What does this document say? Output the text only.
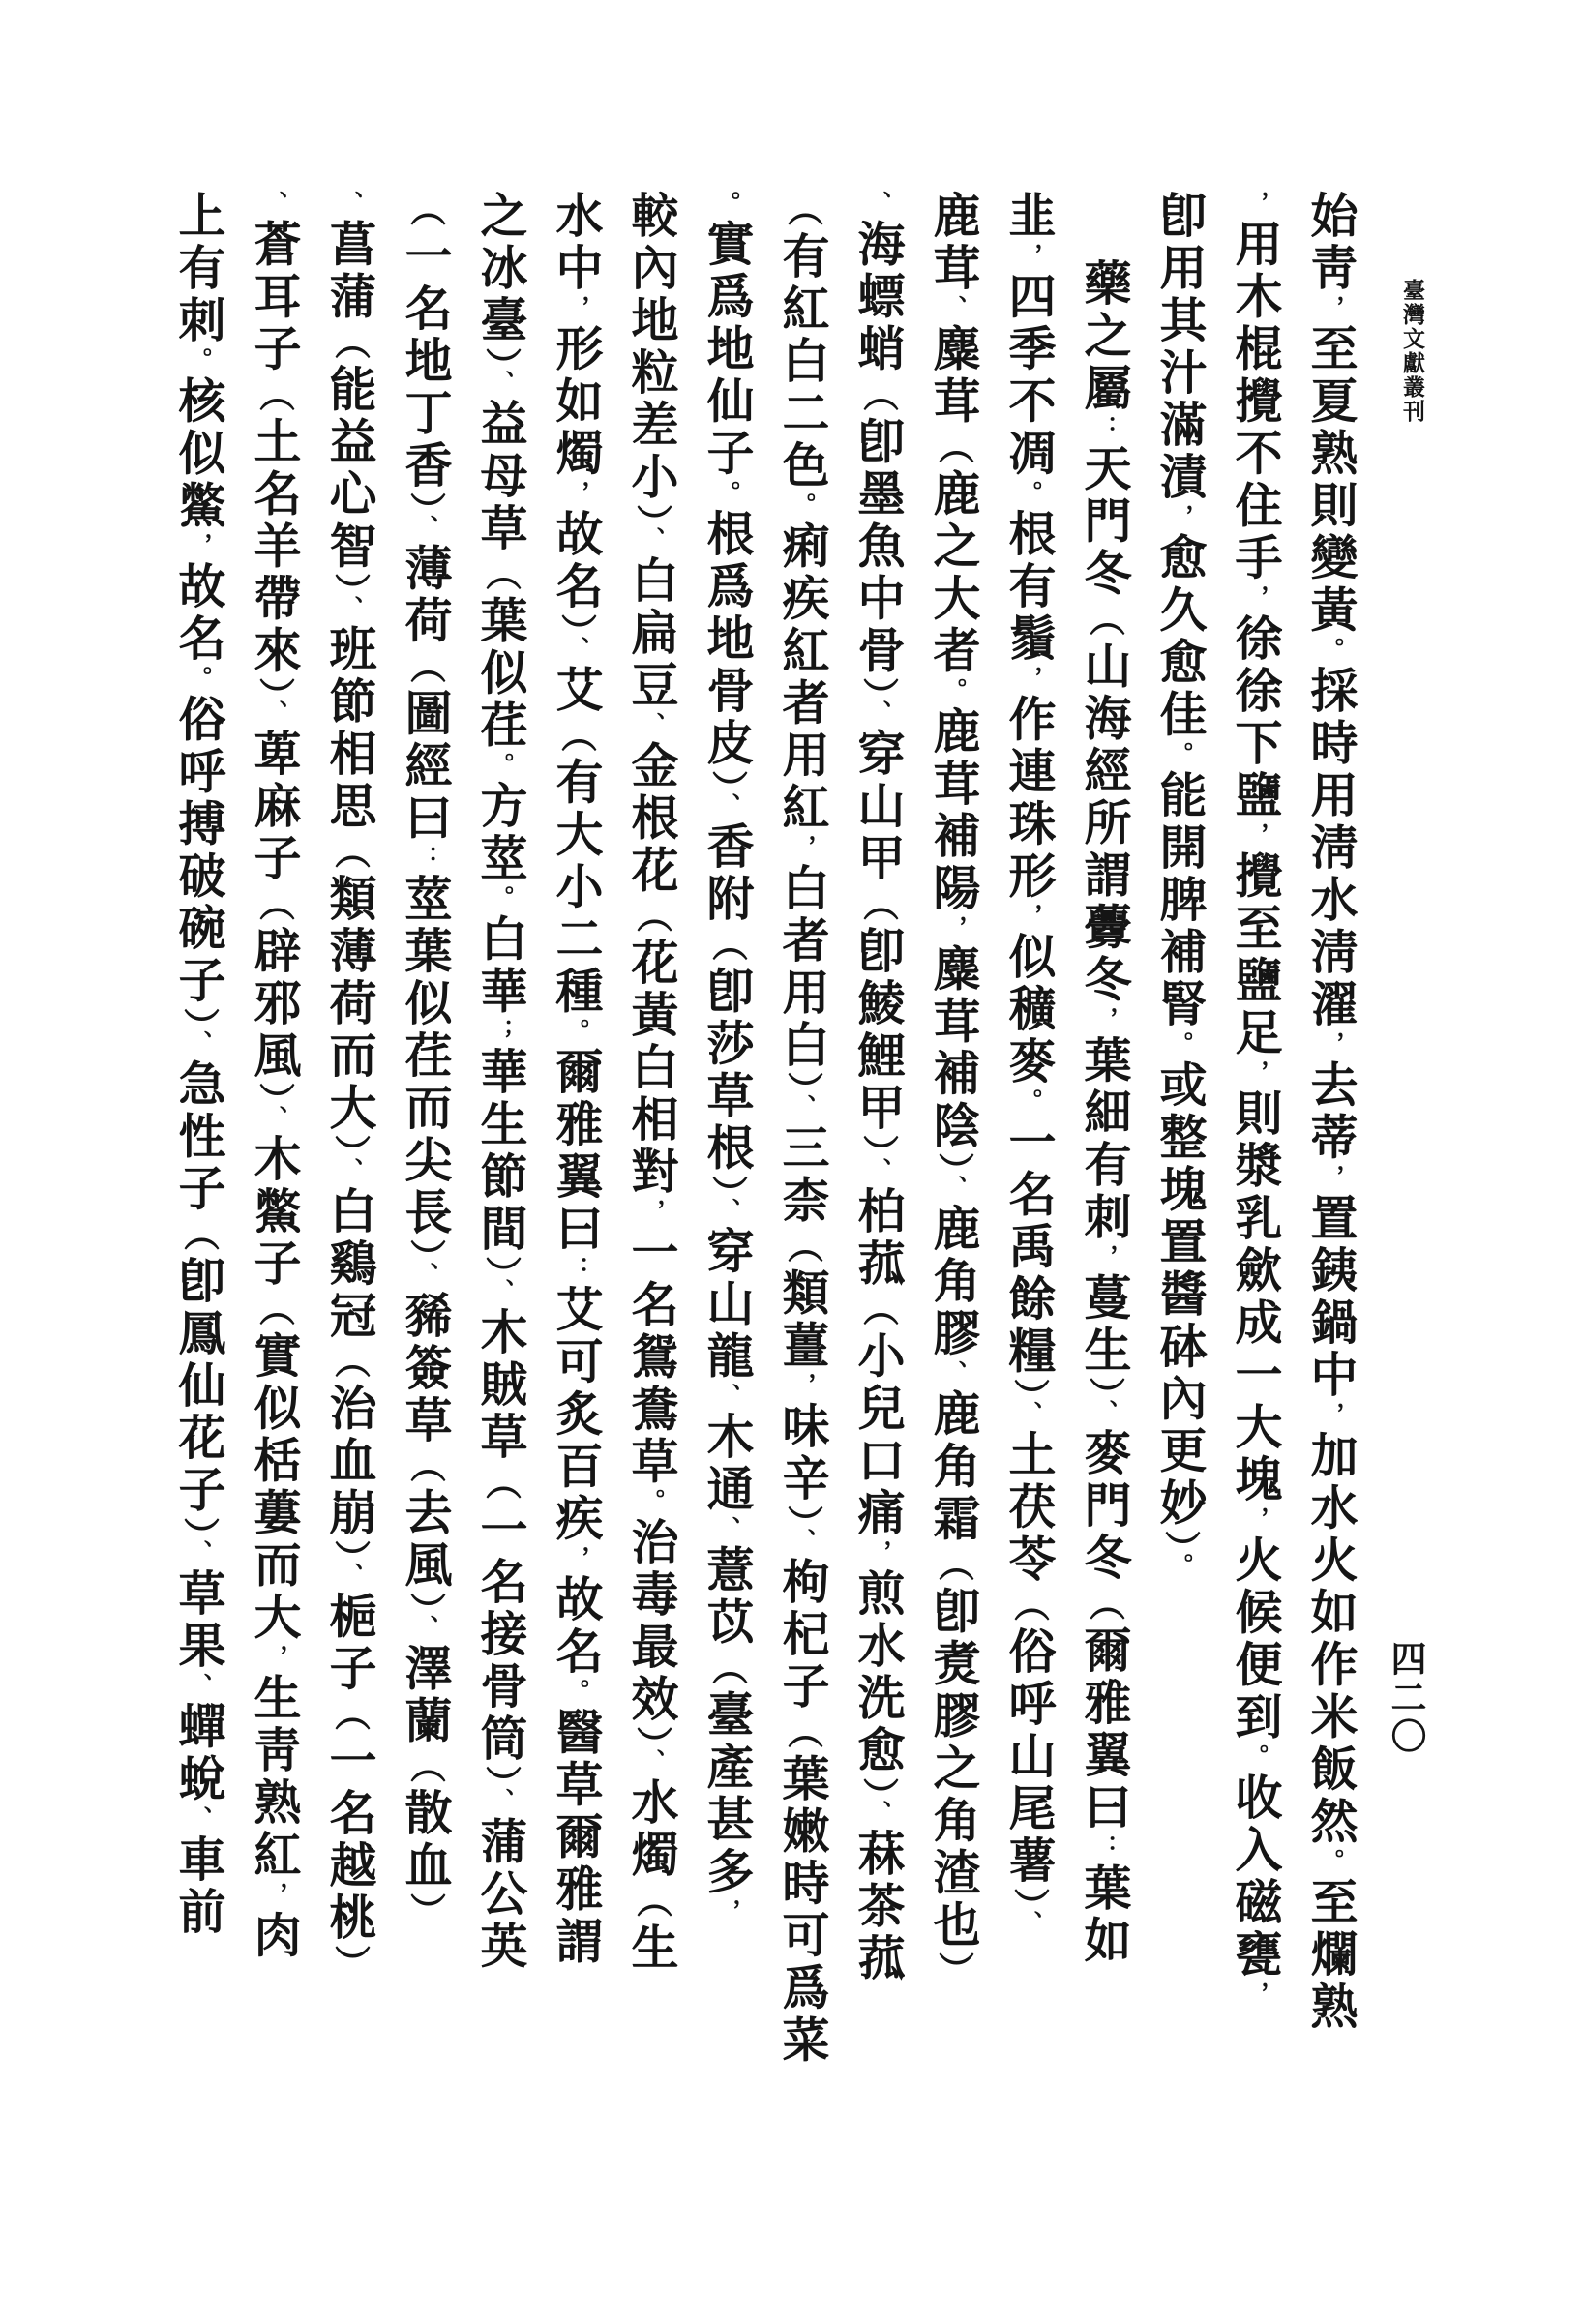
臺灣文獻叢刊
四二〇
始靑，至夏熟則變黃。採時用淸水淸濯，去蒂，置銕鍋中，加水火如作米飯然。至爛熟
，用木棍攪不住手，徐徐下鹽，攪至鹽足，則漿乳歛成一大塊，火候便到。收入磁甕，
卽用其汁滿漬，愈久愈佳。能開脾補腎。或整塊置醬砵內更妙）。
藥之屬：天門冬（山海經所謂虋冬，葉細有刺，蔓生）、麥門冬（爾雅翼曰：葉如
韭，四季不凋。根有鬚，作連珠形，似穬麥。一名禹餘糧）、土茯苓（俗呼山尾薯）、
鹿茸、麋茸（鹿之大者。鹿茸補陽，麋茸補陰）、鹿角膠、鹿角霜（卽煑膠之角渣也）
、海螵蛸（卽墨魚中骨）、穿山甲（卽鯪鯉甲）、柏菰（小兒口痛，煎水洗愈）、菻茶菰
（有紅白二色。痢疾紅者用紅，白者用白）、三柰（類薑，味辛）、枸杞子（葉嫩時可爲菜
。實爲地仙子。根爲地骨皮）、香附（卽莎草根）、穿山龍、木通、薏苡（臺產甚多，
較內地粒差小）、白扁豆、金根花（花黃白相對，一名鴛鴦草。治毒最效）、水燭（生
水中，形如燭，故名）、艾（有大小二種。爾雅翼曰：艾可炙百疾，故名。醫草爾雅謂
之冰臺）、益母草（葉似荏。方莖。白華；華生節間）、木賊草（一名接骨筒）、蒲公英
（一名地丁香）、薄荷（圖經曰：莖葉似荏而尖長）、豨簽草（去風）、澤蘭（散血）
、菖蒲（能益心智）、班節相思（類薄荷而大）、白鷄冠（治血崩）、梔子（一名越桃）
、蒼耳子（土名羊帶來）、萆麻子（辟邪風）、木鱉子（實似栝蔞而大，生靑熟紅，肉
上有刺。核似鱉，故名。俗呼搏破碗子）、急性子（卽鳳仙花子）、草果、蟬蛻、車前
